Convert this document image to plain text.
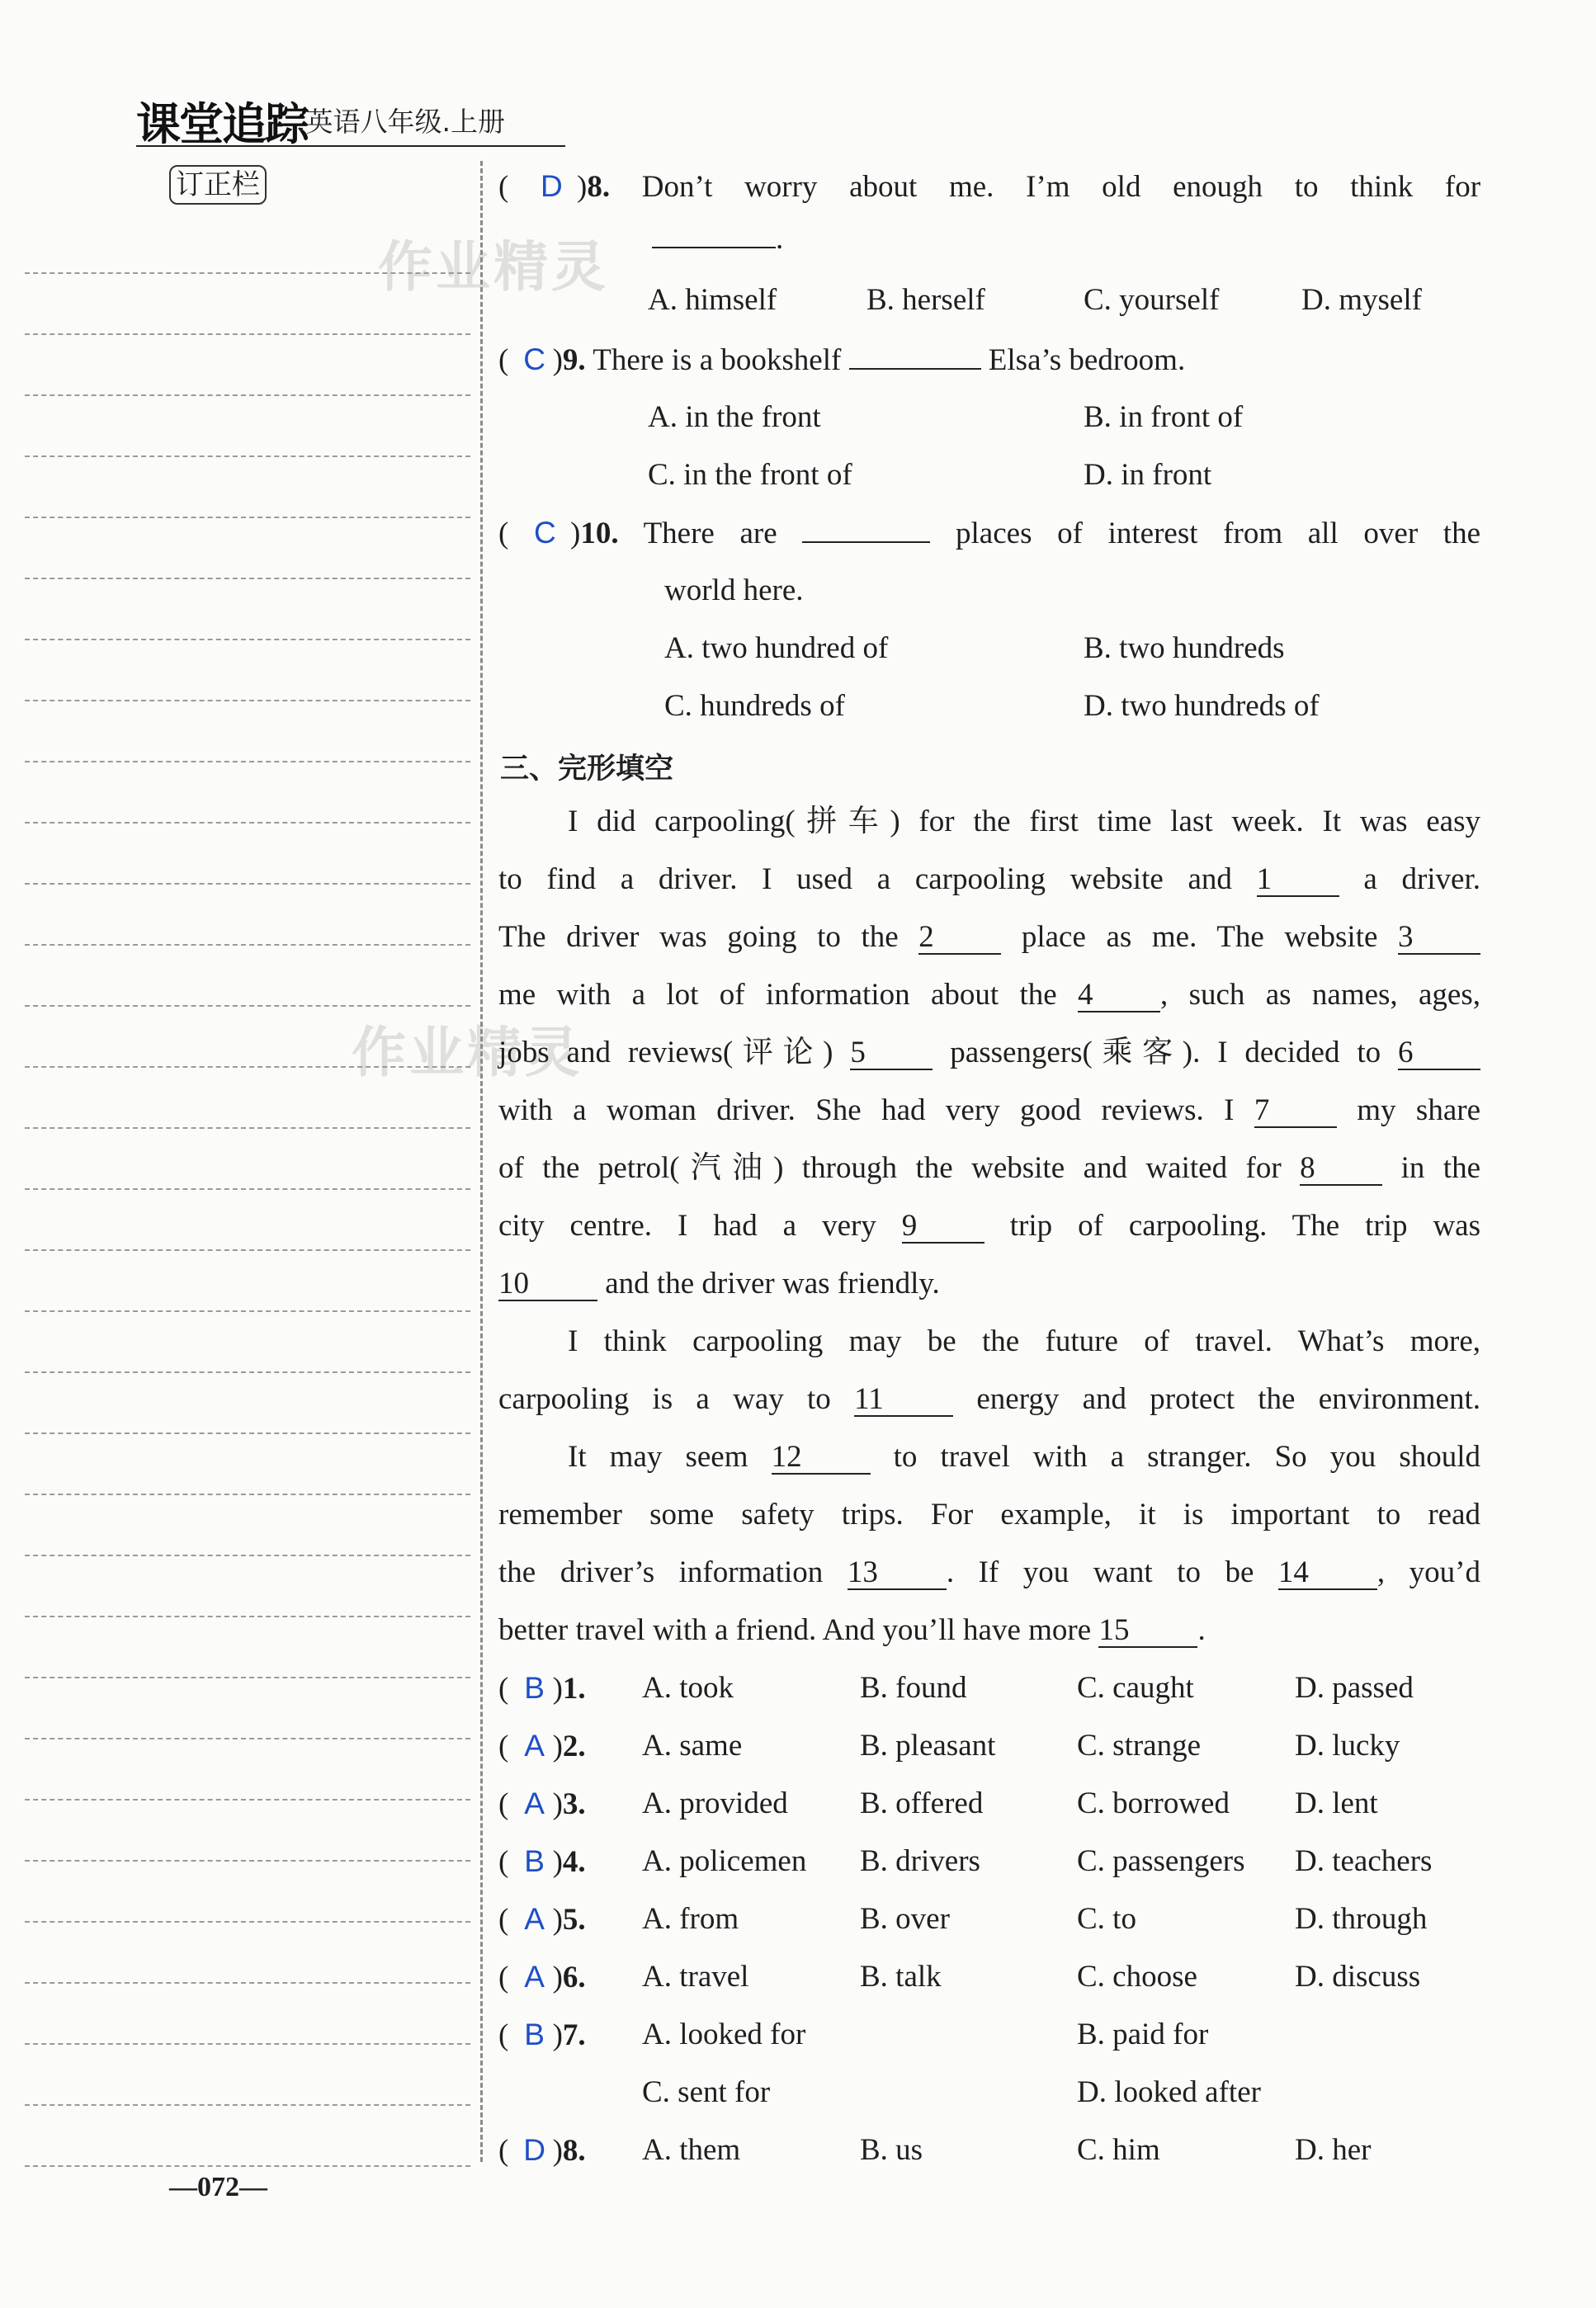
课堂追踪
.英语八年级.上册
订正栏
作业精灵
作业精灵
( D )8. Don’t worry about me. I’m old enough to think for
.
A. himself	B. herself	C. yourself	D. myself
( C )9. There is a bookshelf	Elsa’s bedroom.
A. in the front	B. in front of
C. in the front of	D. in front
( C )10. There are	places of interest from all over the
world here.
A. two hundred of	B. two hundreds
C. hundreds of	D. two hundreds of
三、完形填空
I did carpooling(拼车) for the first time last week. It was easy
to find a driver. I used a carpooling website and 1	a driver.
The driver was going to the 2	place as me. The website 3
me with a lot of information about the 4 , such as names, ages,
jobs and reviews(评论) 5	passengers(乘客). I decided to 6
with a woman driver. She had very good reviews. I 7	my share
of the petrol(汽油) through the website and waited for 8	in the
city centre. I had a very 9	trip of carpooling. The trip was
10 and the driver was friendly.
I think carpooling may be the future of travel. What’s more,
carpooling is a way to 11	energy and protect the environment.
It may seem 12	to travel with a stranger. So you should
remember some safety trips. For example, it is important to read
the driver’s information 13 . If you want to be 14 , you’d
better travel with a friend. And you’ll have more 15 .
( B )1. A. took	B. found	C. caught	D. passed
( A )2. A. same	B. pleasant	C. strange	D. lucky
( A )3. A. provided B. offered	C. borrowed D. lent
( B )4. A. policemen B. drivers	C. passengers D. teachers
( A )5. A. from	B. over	C. to	D. through
( A )6. A. travel	B. talk	C. choose	D. discuss
( B )7. A. looked for	B. paid for
C. sent for	D. looked after
( D )8. A. them	B. us	C. him	D. her
—072—
